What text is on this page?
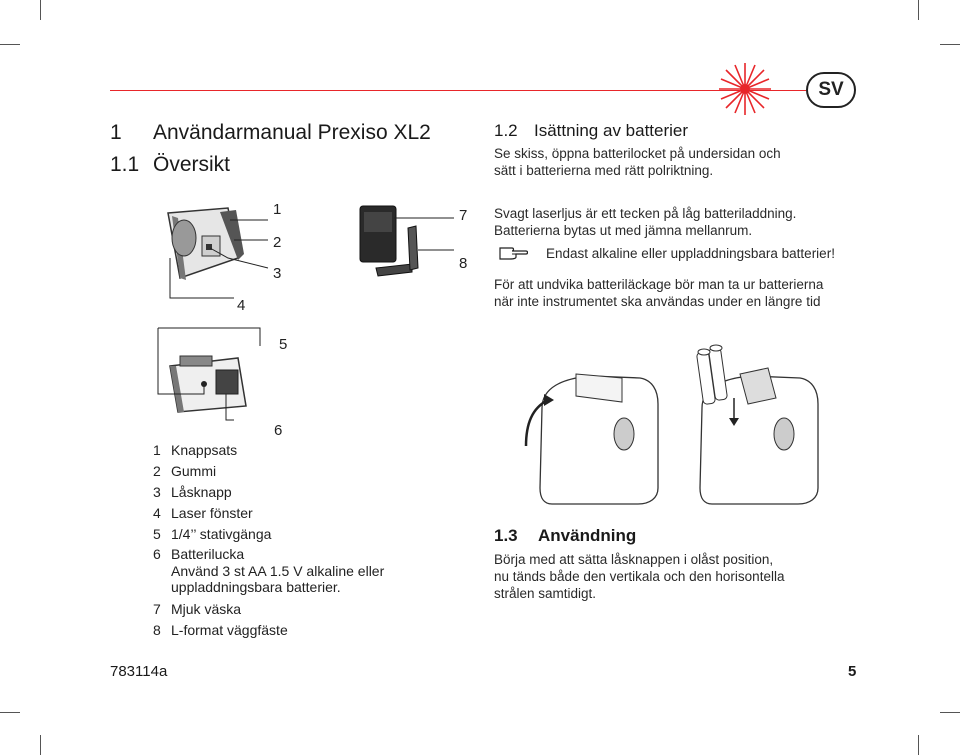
SV
1 Användarmanual Prexiso XL2
1.1 Översikt
1.2 Isättning av batterier
Se skiss, öppna batterilocket på undersidan och
sätt i batterierna med rätt polriktning.
Svagt laserljus är ett tecken på låg batteriladdning.
Batterierna bytas ut med jämna mellanrum.
Endast alkaline eller uppladdningsbara batterier!
För att undvika batteriläckage bör man ta ur batterierna
när inte instrumentet ska användas under en längre tid
1
2
3
4
5
6
7
8
1.3 Användning
Börja med att sätta låsknappen i olåst position,
nu tänds både den vertikala och den horisontella
strålen samtidigt.
1 Knappsats
2 Gummi
3 Låsknapp
4 Laser fönster
5 1/4’’ stativgänga
6 Batterilucka
Använd 3 st AA 1.5 V alkaline eller
uppladdningsbara batterier.
7 Mjuk väska
8 L-format väggfäste
783114a	5
